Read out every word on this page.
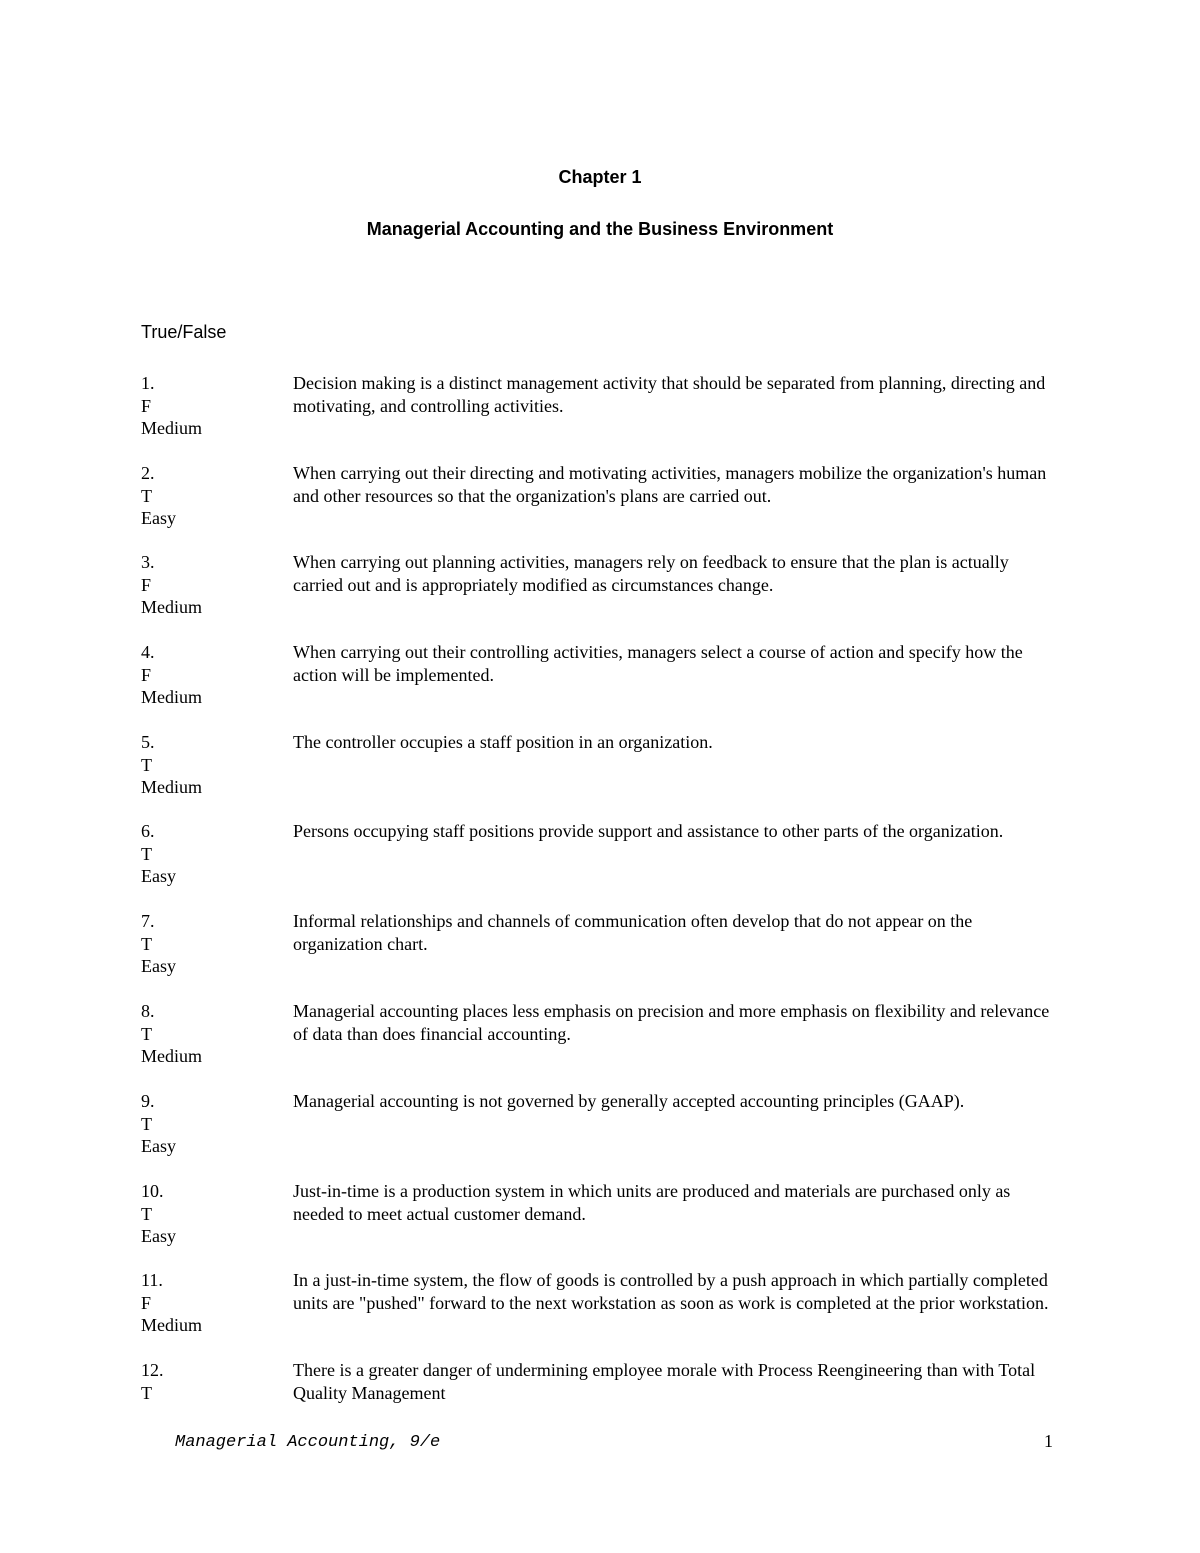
Chapter 1
Managerial Accounting and the Business Environment
True/False
1.
F
Medium
Decision making is a distinct management activity that should be separated from planning, directing and motivating, and controlling activities.
2.
T
Easy
When carrying out their directing and motivating activities, managers mobilize the organization's human and other resources so that the organization's plans are carried out.
3.
F
Medium
When carrying out planning activities, managers rely on feedback to ensure that the plan is actually carried out and is appropriately modified as circumstances change.
4.
F
Medium
When carrying out their controlling activities, managers select a course of action and specify how the action will be implemented.
5.
T
Medium
The controller occupies a staff position in an organization.
6.
T
Easy
Persons occupying staff positions provide support and assistance to other parts of the organization.
7.
T
Easy
Informal relationships and channels of communication often develop that do not appear on the organization chart.
8.
T
Medium
Managerial accounting places less emphasis on precision and more emphasis on flexibility and relevance of data than does financial accounting.
9.
T
Easy
Managerial accounting is not governed by generally accepted accounting principles (GAAP).
10.
T
Easy
Just-in-time is a production system in which units are produced and materials are purchased only as needed to meet actual customer demand.
11.
F
Medium
In a just-in-time system, the flow of goods is controlled by a push approach in which partially completed units are "pushed" forward to the next workstation as soon as work is completed at the prior workstation.
12.
T
There is a greater danger of undermining employee morale with Process Reengineering than with Total Quality Management
Managerial Accounting, 9/e	1
